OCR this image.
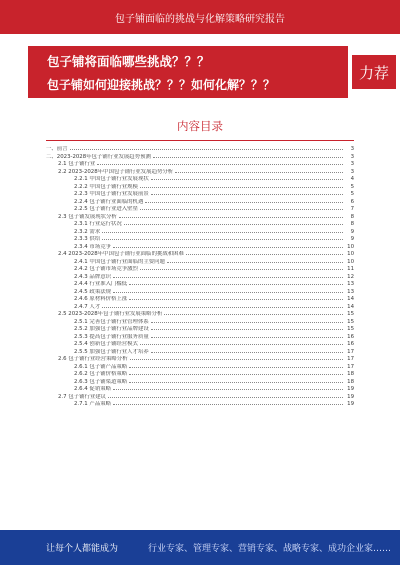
包子铺面临的挑战与化解策略研究报告
包子铺将面临哪些挑战？？？
包子铺如何迎接挑战？？？如何化解？？？
力荐
内容目录
一、前言	3
二、2023-2028年包子铺行业发展趋势预测	3
2.1 包子铺行业	3
2.2 2023-2028年中国包子铺行业发展趋势分析	3
2.2.1 中国包子铺行业发展现状	4
2.2.2 中国包子铺行业规模	5
2.2.3 中国包子铺行业发展前景	5
2.2.4 包子铺行业面临的机遇	6
2.2.5 包子铺行业进入壁垒	7
2.3 包子铺发展现状分析	8
2.3.1 行业运行状况	8
2.3.2 需求	9
2.3.3 供给	9
2.3.4 市场竞争	10
2.4 2023-2028年中国包子铺行业面临的挑战和困难	10
2.4.1 中国包子铺行业面临的主要问题	10
2.4.2 包子铺市场竞争激烈	11
2.4.3 品牌意识	12
2.4.4 行业准入门槛低	13
2.4.5 政策法规	13
2.4.6 原材料价格上涨	14
2.4.7 人才	14
2.5 2023-2028年包子铺行业发展策略分析	15
2.5.1 完善包子铺行业管理体系	15
2.5.2 加强包子铺行业品牌建设	15
2.5.3 提高包子铺行业服务质量	16
2.5.4 创新包子铺经营模式	16
2.5.5 加强包子铺行业人才培养	17
2.6 包子铺行业经营策略分析	17
2.6.1 包子铺产品策略	17
2.6.2 包子铺价格策略	18
2.6.3 包子铺渠道策略	18
2.6.4 促销策略	19
2.7 包子铺行业建议	19
2.7.1 产品策略	19
让每个人都能成为	行业专家、管理专家、营销专家、战略专家、成功企业家……
